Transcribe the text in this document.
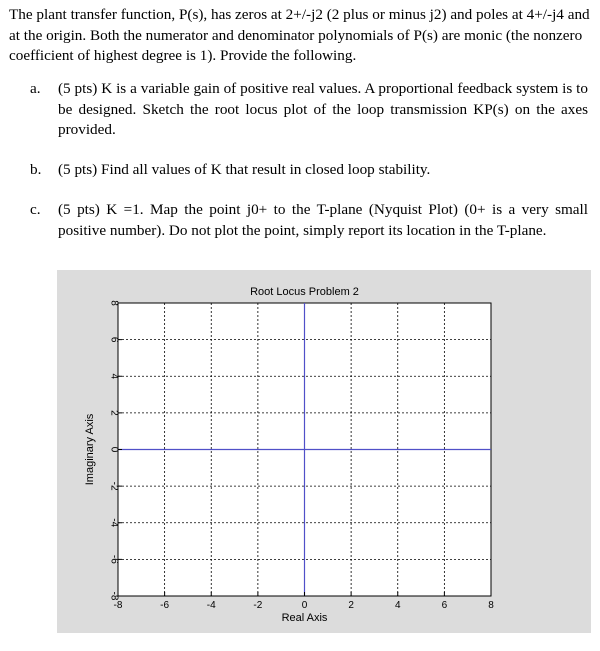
The plant transfer function, P(s), has zeros at 2+/-j2 (2 plus or minus j2) and poles at 4+/-j4 and at the origin. Both the numerator and denominator polynomials of P(s) are monic (the nonzero coefficient of highest degree is 1). Provide the following.

a. (5 pts) K is a variable gain of positive real values. A proportional feedback system is to be designed. Sketch the root locus plot of the loop transmission KP(s) on the axes provided.
b. (5 pts) Find all values of K that result in closed loop stability.
c. (5 pts) K =1. Map the point j0+ to the T-plane (Nyquist Plot) (0+ is a very small positive number). Do not plot the point, simply report its location in the T-plane.
-8	-6	-4	-2	0	2	4	6	8
-8
-6
-4
-2
0
2
4
6
8
Root Locus Problem 2
Real Axis
Imaginary Axis
